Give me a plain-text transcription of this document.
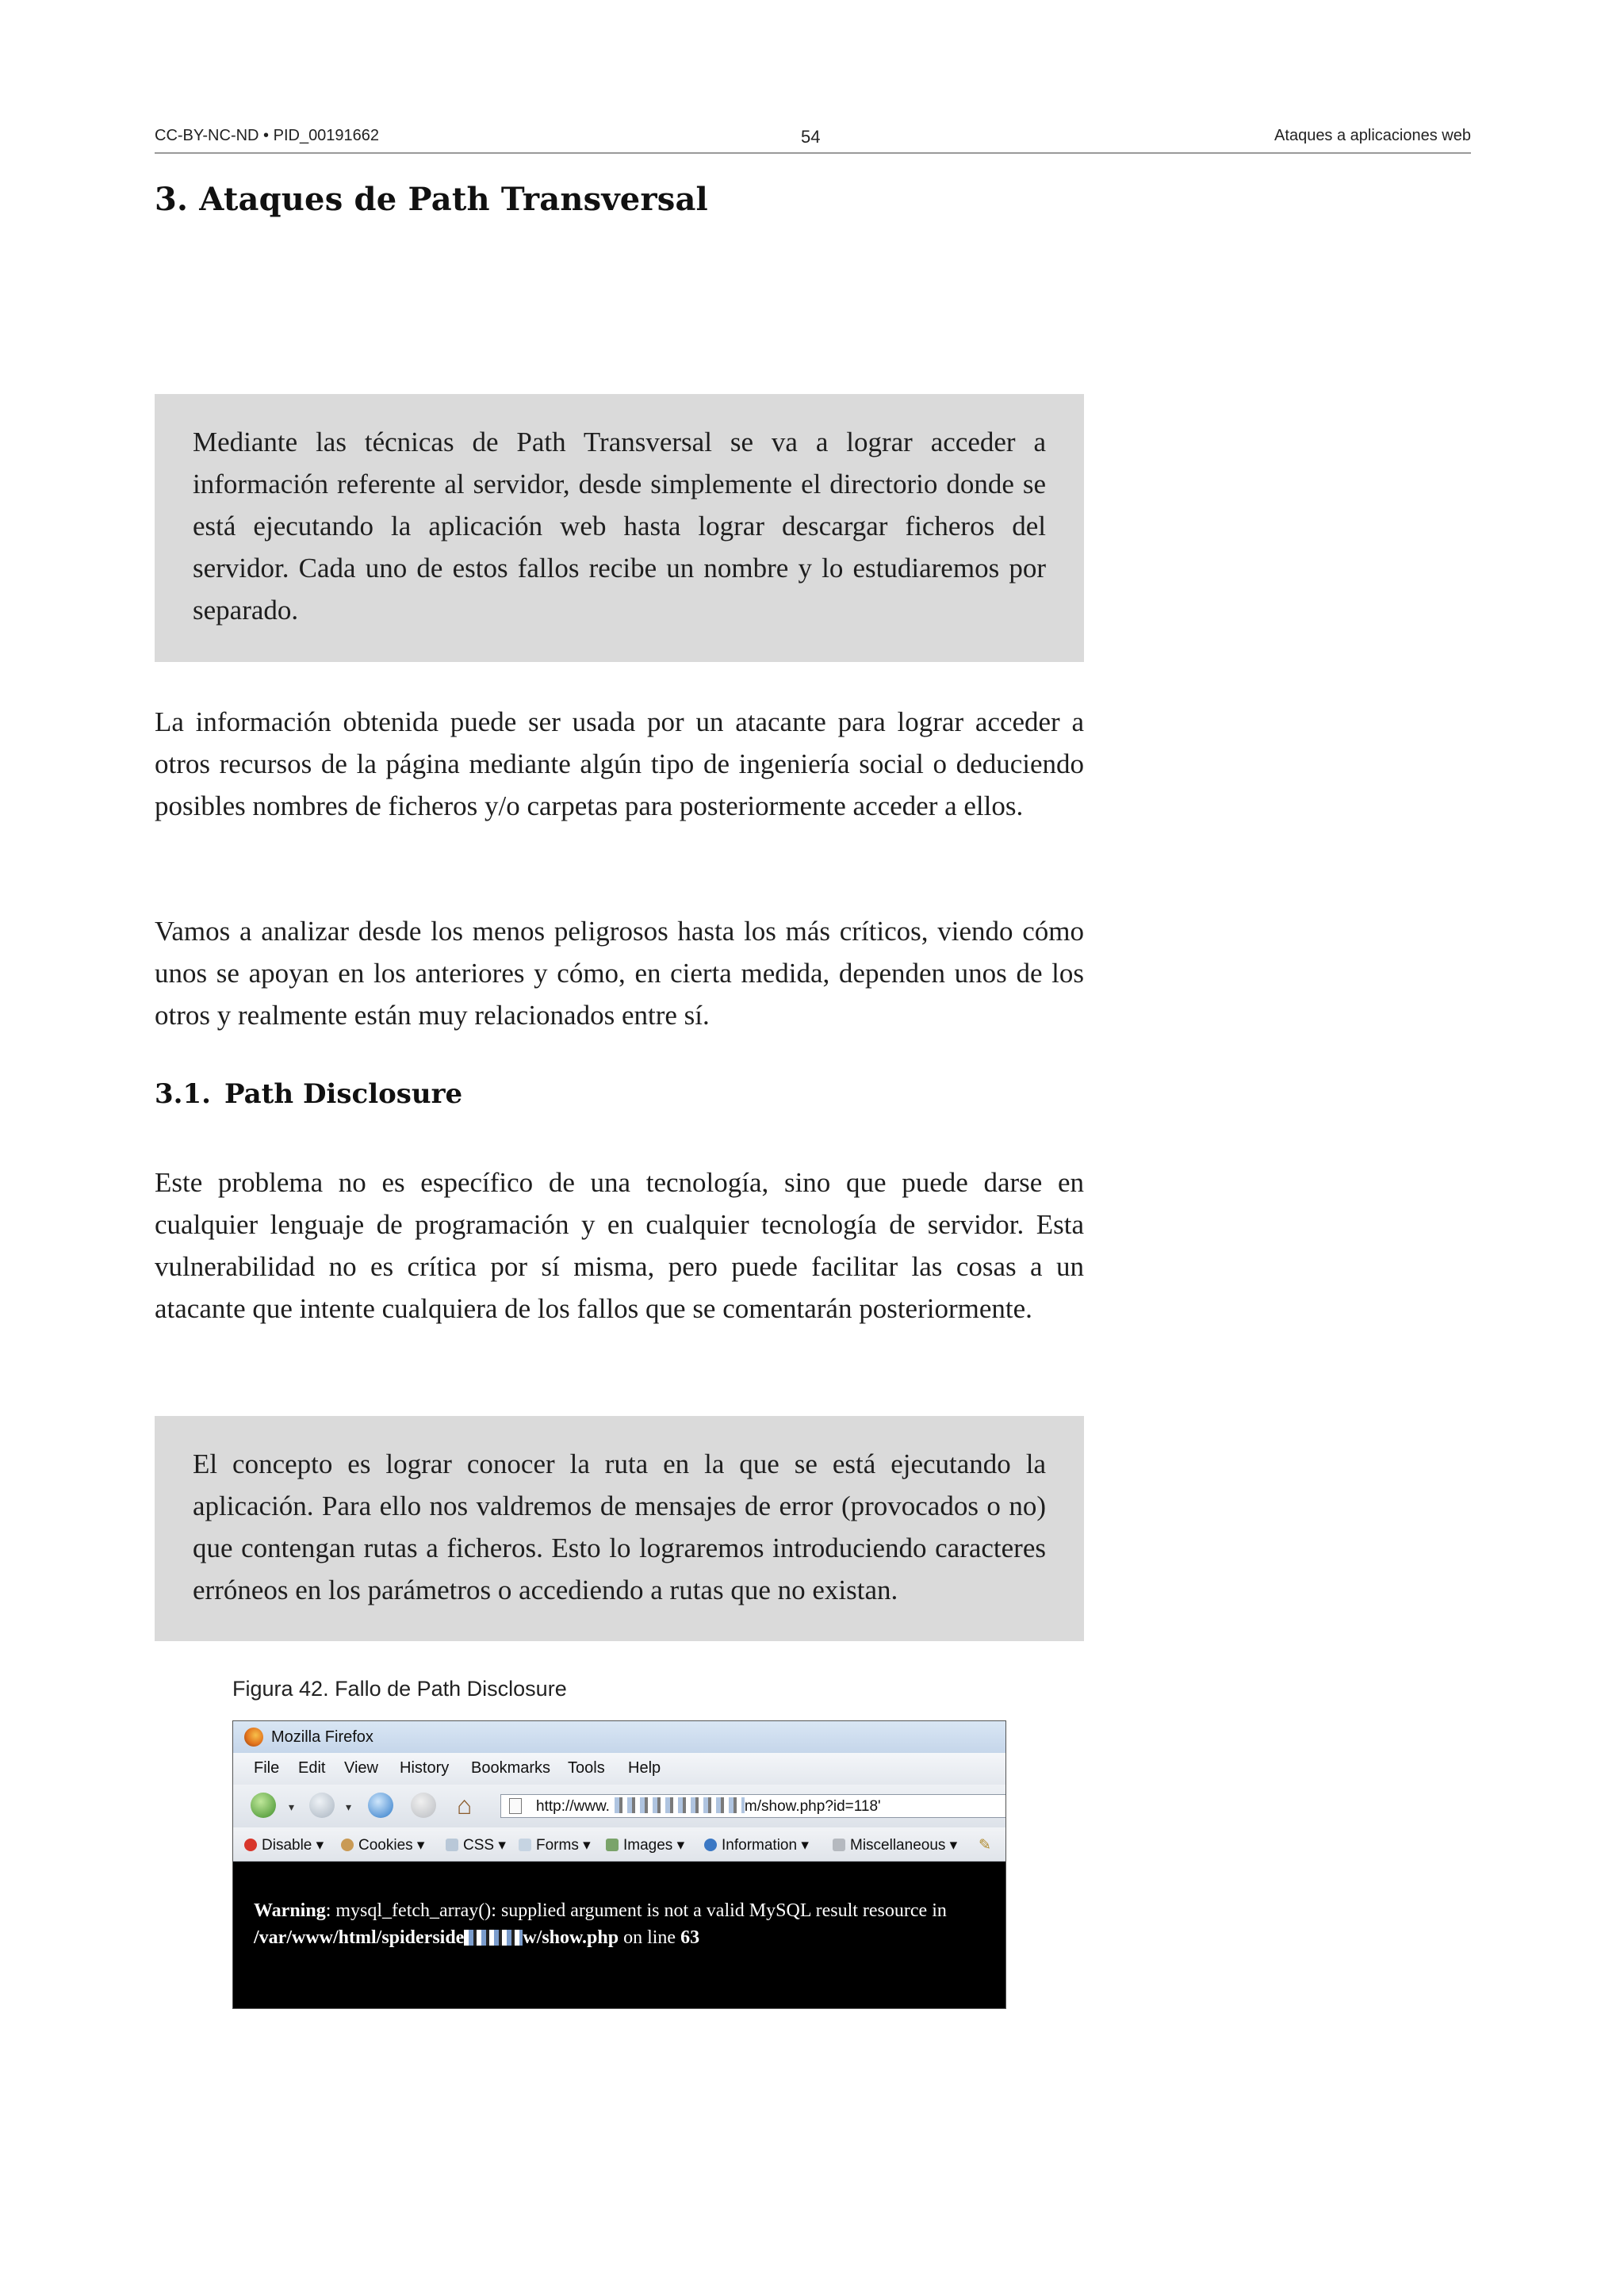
CC-BY-NC-ND • PID_00191662	54	Ataques a aplicaciones web
3. Ataques de Path Transversal

Mediante las técnicas de Path Transversal se va a lograr acceder a información referente al servidor, desde simplemente el directorio donde se está ejecutando la aplicación web hasta lograr descargar ficheros del servidor. Cada uno de estos fallos recibe un nombre y lo estudiaremos por separado.

La información obtenida puede ser usada por un atacante para lograr acceder a otros recursos de la página mediante algún tipo de ingeniería social o deduciendo posibles nombres de ficheros y/o carpetas para posteriormente acceder a ellos.

Vamos a analizar desde los menos peligrosos hasta los más críticos, viendo cómo unos se apoyan en los anteriores y cómo, en cierta medida, dependen unos de los otros y realmente están muy relacionados entre sí.

3.1. Path Disclosure

Este problema no es específico de una tecnología, sino que puede darse en cualquier lenguaje de programación y en cualquier tecnología de servidor. Esta vulnerabilidad no es crítica por sí misma, pero puede facilitar las cosas a un atacante que intente cualquiera de los fallos que se comentarán posteriormente.

El concepto es lograr conocer la ruta en la que se está ejecutando la aplicación. Para ello nos valdremos de mensajes de error (provocados o no) que contengan rutas a ficheros. Esto lo lograremos introduciendo caracteres erróneos en los parámetros o accediendo a rutas que no existan.

Figura 42. Fallo de Path Disclosure
Mozilla Firefox
File Edit View History Bookmarks Tools Help
▾	▾	⌂	http://www.	m/show.php?id=118'
Disable ▾	Cookies ▾	CSS ▾	Forms ▾	Images ▾	Information ▾	Miscellaneous ▾ ✎
Warning: mysql_fetch_array(): supplied argument is not a valid MySQL result resource in
/var/www/html/spiderside	w/show.php on line 63
